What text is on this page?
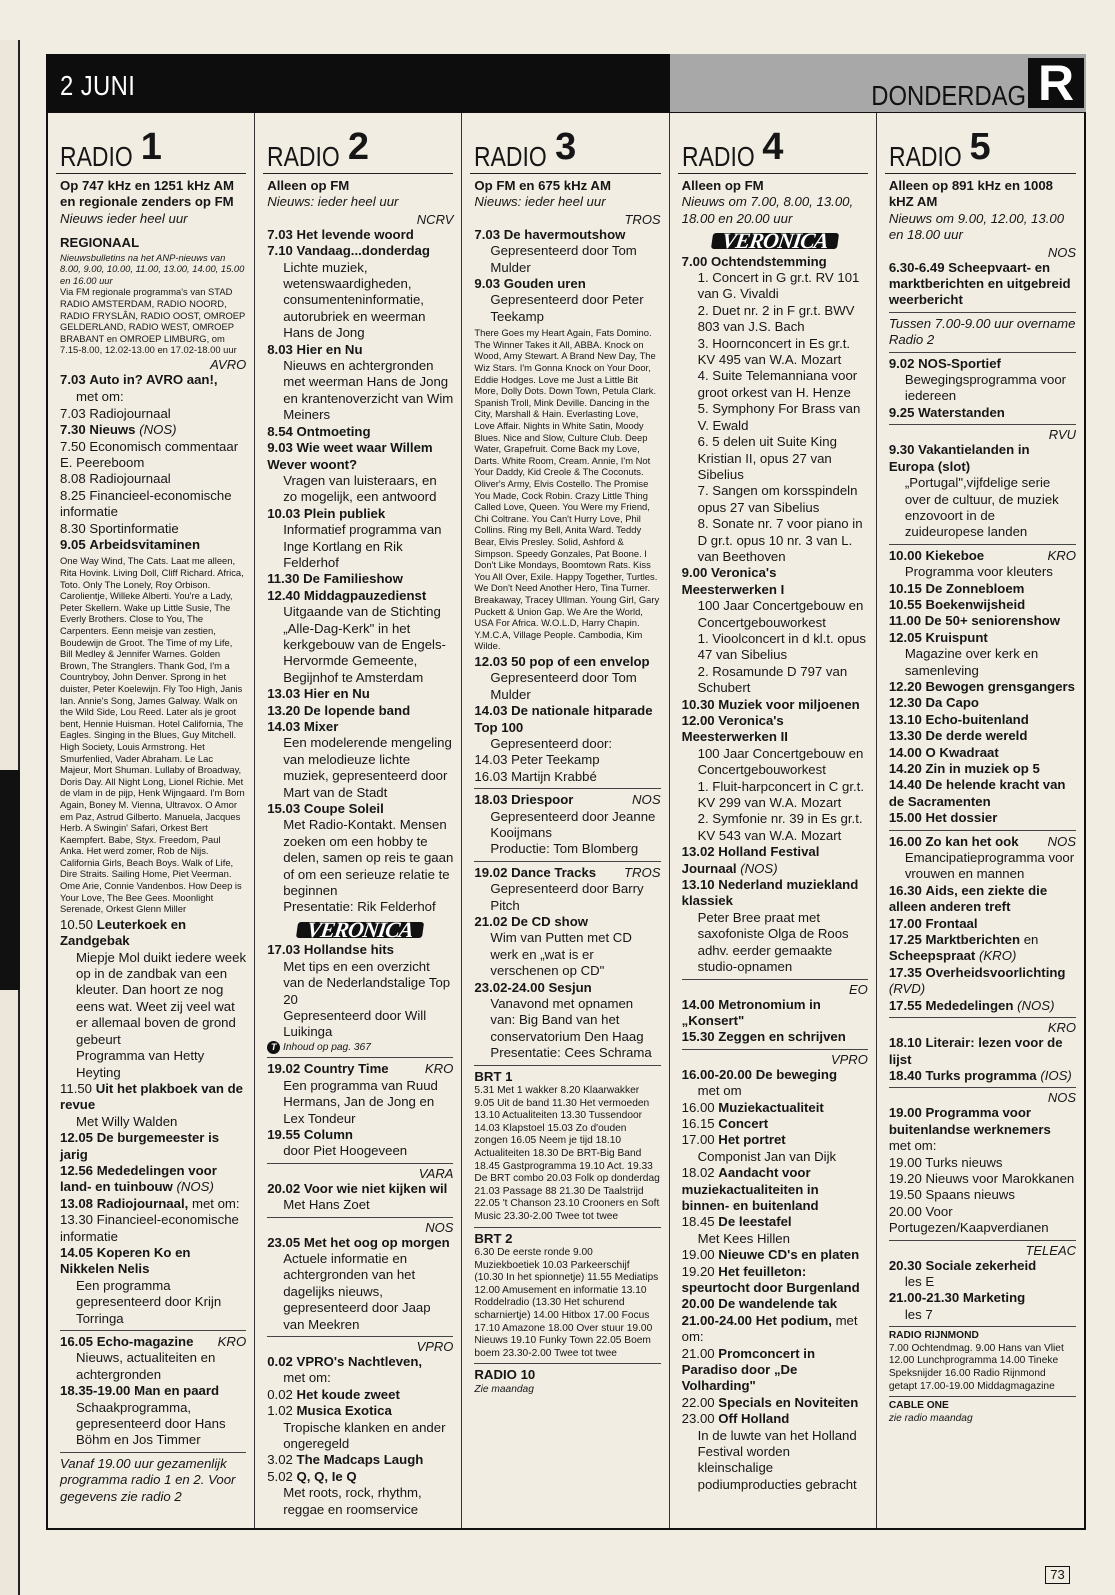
2 JUNI	DONDERDAG R
RADIO 1
Op 747 kHz en 1251 kHz AM en regionale zenders op FM
Nieuws ieder heel uur
REGIONAAL
Nieuwsbulletins na het ANP-nieuws van 8.00, 9.00, 10.00, 11.00, 13.00, 14.00, 15.00 en 16.00 uur
Via FM regionale programma's van STAD RADIO AMSTERDAM, RADIO NOORD, RADIO FRYSLÂN, RADIO OOST, OMROEP GELDERLAND, RADIO WEST, OMROEP BRABANT en OMROEP LIMBURG, om 7.15-8.00, 12.02-13.00 en 17.02-18.00 uur
AVRO
7.03 Auto in? AVRO aan!,
met om:
7.03 Radiojournaal
7.30 Nieuws (NOS)
7.50 Economisch commentaar E. Peereboom
8.08 Radiojournaal
8.25 Financieel-economische informatie
8.30 Sportinformatie
9.05 Arbeidsvitaminen
One Way Wind, The Cats. Laat me alleen, Rita Hovink. Living Doll, Cliff Richard. Africa, Toto. Only The Lonely, Roy Orbison. Carolientje, Willeke Alberti. You're a Lady, Peter Skellern. Wake up Little Susie, The Everly Brothers. Close to You, The Carpenters. Eenn meisje van zestien, Boudewijn de Groot. The Time of my Life, Bill Medley & Jennifer Warnes. Golden Brown, The Stranglers. Thank God, I'm a Countryboy, John Denver. Sprong in het duister, Peter Koelewijn. Fly Too High, Janis Ian. Annie's Song, James Galway. Walk on the Wild Side, Lou Reed. Later als je groot bent, Hennie Huisman. Hotel California, The Eagles. Singing in the Blues, Guy Mitchell. High Society, Louis Armstrong. Het Smurfenlied, Vader Abraham. Le Lac Majeur, Mort Shuman. Lullaby of Broadway, Doris Day. All Night Long, Lionel Richie. Met de vlam in de pijp, Henk Wijngaard. I'm Born Again, Boney M. Vienna, Ultravox. O Amor em Paz, Astrud Gilberto. Manuela, Jacques Herb. A Swingin' Safari, Orkest Bert Kaempfert. Babe, Styx. Freedom, Paul Anka. Het werd zomer, Rob de Nijs. California Girls, Beach Boys. Walk of Life, Dire Straits. Sailing Home, Piet Veerman. Ome Arie, Connie Vandenbos. How Deep is Your Love, The Bee Gees. Moonlight Serenade, Orkest Glenn Miller
10.50 Leuterkoek en Zandgebak
Miepje Mol duikt iedere week op in de zandbak van een kleuter. Dan hoort ze nog eens wat. Weet zij veel wat er allemaal boven de grond gebeurt
Programma van Hetty Heyting
11.50 Uit het plakboek van de revue
Met Willy Walden
12.05 De burgemeester is jarig
12.56 Mededelingen voor land- en tuinbouw (NOS)
13.08 Radiojournaal, met om:
13.30 Financieel-economische informatie
14.05 Koperen Ko en Nikkelen Nelis
Een programma gepresenteerd door Krijn Torringa
16.05 Echo-magazine KRO
Nieuws, actualiteiten en achtergronden
18.35-19.00 Man en paard
Schaakprogramma, gepresenteerd door Hans Böhm en Jos Timmer
Vanaf 19.00 uur gezamenlijk programma radio 1 en 2. Voor gegevens zie radio 2
RADIO 2
Alleen op FM
Nieuws: ieder heel uur
NCRV
7.03 Het levende woord
7.10 Vandaag...donderdag
Lichte muziek, wetenswaardigheden, consumenteninformatie, autorubriek en weerman Hans de Jong
8.03 Hier en Nu
Nieuws en achtergronden met weerman Hans de Jong en krantenoverzicht van Wim Meiners
8.54 Ontmoeting
9.03 Wie weet waar Willem Wever woont?
Vragen van luisteraars, en zo mogelijk, een antwoord
10.03 Plein publiek
Informatief programma van Inge Kortlang en Rik Felderhof
11.30 De Familieshow
12.40 Middagpauzedienst
Uitgaande van de Stichting „Alle-Dag-Kerk" in het kerkgebouw van de Engels-Hervormde Gemeente, Begijnhof te Amsterdam
13.03 Hier en Nu
13.20 De lopende band
14.03 Mixer
Een modelerende mengeling van melodieuze lichte muziek, gepresenteerd door Mart van de Stadt
15.03 Coupe Soleil
Met Radio-Kontakt. Mensen zoeken om een hobby te delen, samen op reis te gaan of om een serieuze relatie te beginnen
Presentatie: Rik Felderhof
VERONICA
17.03 Hollandse hits
Met tips en een overzicht van de Nederlandstalige Top 20
Gepresenteerd door Will Luikinga
T Inhoud op pag. 367
19.02 Country Time	KRO
Een programma van Ruud Hermans, Jan de Jong en Lex Tondeur
19.55 Column
door Piet Hoogeveen
VARA
20.02 Voor wie niet kijken wil
Met Hans Zoet
NOS
23.05 Met het oog op morgen
Actuele informatie en achtergronden van het dagelijks nieuws, gepresenteerd door Jaap van Meekren
VPRO
0.02 VPRO's Nachtleven,
met om:
0.02 Het koude zweet
1.02 Musica Exotica
Tropische klanken en ander ongeregeld
3.02 The Madcaps Laugh
5.02 Q, Q, Ie Q
Met roots, rock, rhythm, reggae en roomservice
RADIO 3
Op FM en 675 kHz AM
Nieuws: ieder heel uur
TROS
7.03 De havermoutshow
Gepresenteerd door Tom Mulder
9.03 Gouden uren
Gepresenteerd door Peter Teekamp
There Goes my Heart Again, Fats Domino. The Winner Takes it All, ABBA. Knock on Wood, Amy Stewart. A Brand New Day, The Wiz Stars. I'm Gonna Knock on Your Door, Eddie Hodges. Love me Just a Little Bit More, Dolly Dots. Down Town, Petula Clark. Spanish Troll, Mink Deville. Dancing in the City, Marshall & Hain. Everlasting Love, Love Affair. Nights in White Satin, Moody Blues. Nice and Slow, Culture Club. Deep Water, Grapefruit. Come Back my Love, Darts. White Room, Cream. Annie, I'm Not Your Daddy, Kid Creole & The Coconuts. Oliver's Army, Elvis Costello. The Promise You Made, Cock Robin. Crazy Little Thing Called Love, Queen. You Were my Friend, Chi Coltrane. You Can't Hurry Love, Phil Collins. Ring my Bell, Anita Ward. Teddy Bear, Elvis Presley. Solid, Ashford & Simpson. Speedy Gonzales, Pat Boone. I Don't Like Mondays, Boomtown Rats. Kiss You All Over, Exile. Happy Together, Turtles. We Don't Need Another Hero, Tina Turner. Breakaway, Tracey Ullman. Young Girl, Gary Puckett & Union Gap. We Are the World, USA For Africa. W.O.L.D, Harry Chapin. Y.M.C.A, Village People. Cambodia, Kim Wilde.
12.03 50 pop of een envelop
Gepresenteerd door Tom Mulder
14.03 De nationale hitparade Top 100
Gepresenteerd door:
14.03 Peter Teekamp
16.03 Martijn Krabbé
18.03 Driespoor	NOS
Gepresenteerd door Jeanne Kooijmans
Productie: Tom Blomberg
19.02 Dance Tracks TROS
Gepresenteerd door Barry Pitch
21.02 De CD show
Wim van Putten met CD werk en „wat is er verschenen op CD"
23.02-24.00 Sesjun
Vanavond met opnamen van: Big Band van het conservatorium Den Haag
Presentatie: Cees Schrama
BRT 1
5.31 Met 1 wakker 8.20 Klaarwakker 9.05 Uit de band 11.30 Het vermoeden 13.10 Actualiteiten 13.30 Tussendoor 14.03 Klapstoel 15.03 Zo d'ouden zongen 16.05 Neem je tijd 18.10 Actualiteiten 18.30 De BRT-Big Band 18.45 Gastprogramma 19.10 Act. 19.33 De BRT combo 20.03 Folk op donderdag 21.03 Passage 88 21.30 De Taalstrijd 22.05 't Chanson 23.10 Crooners en Soft Music 23.30-2.00 Twee tot twee
BRT 2
6.30 De eerste ronde 9.00 Muziekboetiek 10.03 Parkeerschijf (10.30 In het spionnetje) 11.55 Mediatips 12.00 Amusement en informatie 13.10 Roddelradio (13.30 Het schurend scharniertje) 14.00 Hitbox 17.00 Focus 17.10 Amazone 18.00 Over stuur 19.00 Nieuws 19.10 Funky Town 22.05 Boem boem 23.30-2.00 Twee tot twee
RADIO 10
Zie maandag
RADIO 4
Alleen op FM
Nieuws om 7.00, 8.00, 13.00, 18.00 en 20.00 uur
VERONICA
7.00 Ochtendstemming
1. Concert in G gr.t. RV 101 van G. Vivaldi
2. Duet nr. 2 in F gr.t. BWV 803 van J.S. Bach
3. Hoornconcert in Es gr.t. KV 495 van W.A. Mozart
4. Suite Telemanniana voor groot orkest van H. Henze
5. Symphony For Brass van V. Ewald
6. 5 delen uit Suite King Kristian II, opus 27 van Sibelius
7. Sangen om korsspindeln opus 27 van Sibelius
8. Sonate nr. 7 voor piano in D gr.t. opus 10 nr. 3 van L. van Beethoven
9.00 Veronica's Meesterwerken I
100 Jaar Concertgebouw en Concertgebouworkest
1. Vioolconcert in d kl.t. opus 47 van Sibelius
2. Rosamunde D 797 van Schubert
10.30 Muziek voor miljoenen
12.00 Veronica's Meesterwerken II
100 Jaar Concertgebouw en Concertgebouworkest
1. Fluit-harpconcert in C gr.t. KV 299 van W.A. Mozart
2. Symfonie nr. 39 in Es gr.t. KV 543 van W.A. Mozart
13.02 Holland Festival Journaal (NOS)
13.10 Nederland muziekland klassiek
Peter Bree praat met saxofoniste Olga de Roos adhv. eerder gemaakte studio-opnamen
EO
14.00 Metronomium in „Konsert"
15.30 Zeggen en schrijven
VPRO
16.00-20.00 De beweging
met om
16.00 Muziekactualiteit
16.15 Concert
17.00 Het portret
Componist Jan van Dijk
18.02 Aandacht voor muziekactualiteiten in binnen- en buitenland
18.45 De leestafel
Met Kees Hillen
19.00 Nieuwe CD's en platen
19.20 Het feuilleton: speurtocht door Burgenland
20.00 De wandelende tak
21.00-24.00 Het podium, met om:
21.00 Promconcert in Paradiso door „De Volharding"
22.00 Specials en Noviteiten
23.00 Off Holland
In de luwte van het Holland Festival worden kleinschalige podiumproducties gebracht
RADIO 5
Alleen op 891 kHz en 1008 kHZ AM
Nieuws om 9.00, 12.00, 13.00 en 18.00 uur
NOS
6.30-6.49 Scheepvaart- en marktberichten en uitgebreid weerbericht
Tussen 7.00-9.00 uur overname Radio 2
9.02 NOS-Sportief
Bewegingsprogramma voor iedereen
9.25 Waterstanden
RVU
9.30 Vakantielanden in Europa (slot)
„Portugal",vijfdelige serie over de cultuur, de muziek enzovoort in de zuideuropese landen
10.00 Kiekeboe	KRO
Programma voor kleuters
10.15 De Zonnebloem
10.55 Boekenwijsheid
11.00 De 50+ seniorenshow
12.05 Kruispunt
Magazine over kerk en samenleving
12.20 Bewogen grensgangers
12.30 Da Capo
13.10 Echo-buitenland
13.30 De derde wereld
14.00 O Kwadraat
14.20 Zin in muziek op 5
14.40 De helende kracht van de Sacramenten
15.00 Het dossier
16.00 Zo kan het ook NOS
Emancipatieprogramma voor vrouwen en mannen
16.30 Aids, een ziekte die alleen anderen treft
17.00 Frontaal
17.25 Marktberichten en Scheepspraat (KRO)
17.35 Overheidsvoorlichting (RVD)
17.55 Mededelingen (NOS)
KRO
18.10 Literair: lezen voor de lijst
18.40 Turks programma (IOS)
NOS
19.00 Programma voor buitenlandse werknemers met om:
19.00 Turks nieuws
19.20 Nieuws voor Marokkanen
19.50 Spaans nieuws
20.00 Voor Portugezen/Kaapverdianen
TELEAC
20.30 Sociale zekerheid
les E
21.00-21.30 Marketing
les 7
RADIO RIJNMOND
7.00 Ochtendmag. 9.00 Hans van Vliet 12.00 Lunchprogramma 14.00 Tineke Speksnijder 16.00 Radio Rijnmond getapt 17.00-19.00 Middagmagazine
CABLE ONE
zie radio maandag
73
